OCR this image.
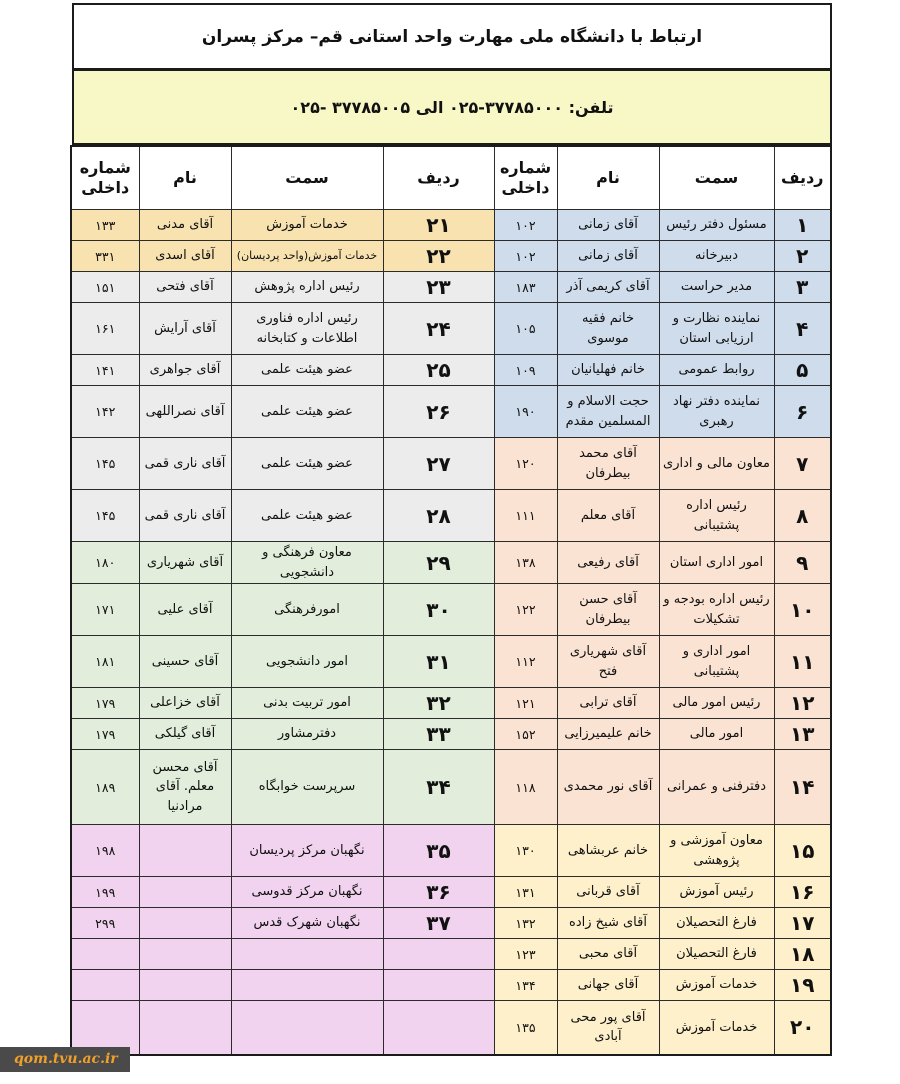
ارتباط با دانشگاه ملی مهارت واحد استانی قم– مرکز پسران
تلفن: ۳۷۷۸۵۰۰۰-۰۲۵ الی ۳۷۷۸۵۰۰۵ -۰۲۵
ردیف	سمت	نام	شماره داخلی	ردیف	سمت	نام	شماره داخلی
۱	مسئول دفتر رئیس	آقای زمانی	۱۰۲	۲۱	خدمات آموزش	آقای مدنی	۱۳۳
۲	دبیرخانه	آقای زمانی	۱۰۲	۲۲	خدمات آموزش(واحد پردیسان)	آقای اسدی	۳۳۱
۳	مدیر حراست	آقای کریمی آذر	۱۸۳	۲۳	رئیس اداره پژوهش	آقای فتحی	۱۵۱
۴	نماینده نظارت و ارزیابی استان	خانم فقیه موسوی	۱۰۵	۲۴	رئیس اداره فناوری اطلاعات و کتابخانه	آقای آرایش	۱۶۱
۵	روابط عمومی	خانم فهلیانیان	۱۰۹	۲۵	عضو هیئت علمی	آقای جواهری	۱۴۱
۶	نماینده دفتر نهاد رهبری	حجت الاسلام و المسلمین مقدم	۱۹۰	۲۶	عضو هیئت علمی	آقای نصراللهی	۱۴۲
۷	معاون مالی و اداری	آقای محمد بیطرفان	۱۲۰	۲۷	عضو هیئت علمی	آقای ناری قمی	۱۴۵
۸	رئیس اداره پشتیبانی	آقای معلم	۱۱۱	۲۸	عضو هیئت علمی	آقای ناری قمی	۱۴۵
۹	امور اداری استان	آقای رفیعی	۱۳۸	۲۹	معاون فرهنگی و دانشجویی	آقای شهریاری	۱۸۰
۱۰	رئیس اداره بودجه و تشکیلات	آقای حسن بیطرفان	۱۲۲	۳۰	امورفرهنگی	آقای علیی	۱۷۱
۱۱	امور اداری و پشتیبانی	آقای شهریاری فتح	۱۱۲	۳۱	امور دانشجویی	آقای حسینی	۱۸۱
۱۲	رئیس امور مالی	آقای ترابی	۱۲۱	۳۲	امور تربیت بدنی	آقای خزاعلی	۱۷۹
۱۳	امور مالی	خانم علیمیرزایی	۱۵۲	۳۳	دفترمشاور	آقای گیلکی	۱۷۹
۱۴	دفترفنی و عمرانی	آقای نور محمدی	۱۱۸	۳۴	سرپرست خوابگاه	آقای محسن معلم. آقای مرادنیا	۱۸۹
۱۵	معاون آموزشی و پژوهشی	خانم عربشاهی	۱۳۰	۳۵	نگهبان مرکز پردیسان		۱۹۸
۱۶	رئیس آموزش	آقای قربانی	۱۳۱	۳۶	نگهبان مرکز قدوسی		۱۹۹
۱۷	فارغ التحصیلان	آقای شیخ زاده	۱۳۲	۳۷	نگهبان شهرک قدس		۲۹۹
۱۸	فارغ التحصیلان	آقای محبی	۱۲۳				
۱۹	خدمات آموزش	آقای جهانی	۱۳۴				
۲۰	خدمات آموزش	آقای پور محی آبادی	۱۳۵				
qom.tvu.ac.ir
